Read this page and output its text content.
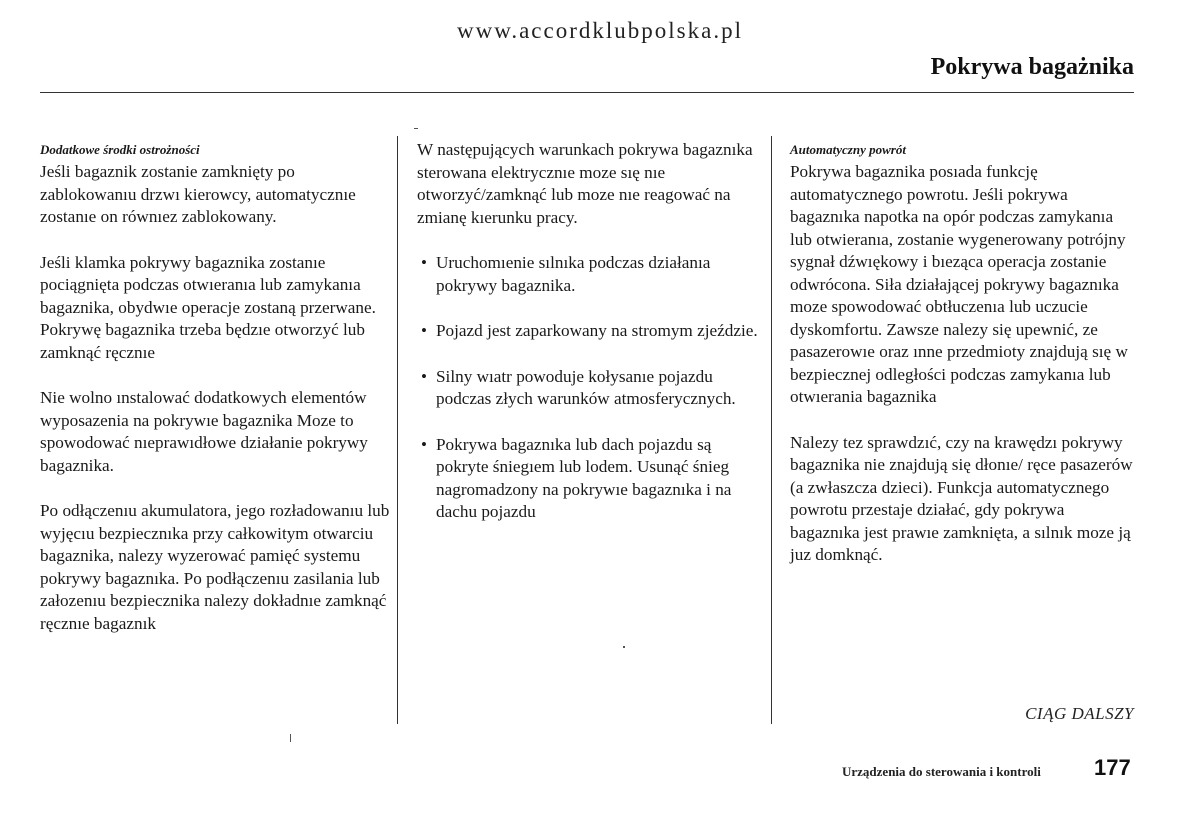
www.accordklubpolska.pl
Pokrywa bagażnika
Dodatkowe środki ostrożności

Jeśli bagaznik zostanie zamknięty po zablokowanıu drzwı kierowcy, automatycznıe zostanıe on równıez zablokowany.

Jeśli klamka pokrywy bagaznika zostanıe pociągnięta podczas otwıeranıa lub zamykanıa bagaznika, obydwıe operacje zostaną przerwane. Pokrywę bagaznika trzeba będzıe otworzyć lub zamknąć ręcznıe

Nie wolno ınstalować dodatkowych elementów wyposazenia na pokrywıe bagaznika Moze to spowodować nıeprawıdłowe działanie pokrywy bagaznika.

Po odłączenıu akumulatora, jego rozładowanıu lub wyjęcıu bezpiecznıka przy całkowitym otwarciu bagaznika, nalezy wyzerować pamięć systemu pokrywy bagaznıka. Po podłączenıu zasilania lub załozenıu bezpiecznika nalezy dokładnıe zamknąć ręcznıe bagaznık

W następujących warunkach pokrywa bagaznıka sterowana elektrycznıe moze sıę nıe otworzyć/zamknąć lub moze nıe reagować na zmianę kıerunku pracy.

• Uruchomıenie sılnıka podczas działanıa pokrywy bagaznika.
• Pojazd jest zaparkowany na stromym zjeździe.
• Silny wıatr powoduje kołysanıe pojazdu podczas złych warunków atmosferycznych.
• Pokrywa bagaznıka lub dach pojazdu są pokryte śniegıem lub lodem. Usunąć śnieg nagromadzony na pokrywıe bagaznıka i na dachu pojazdu
Automatyczny powrót

Pokrywa bagaznika posıada funkcję automatycznego powrotu. Jeśli pokrywa bagaznıka napotka na opór podczas zamykanıa lub otwieranıa, zostanie wygenerowany potrójny sygnał dźwıękowy i bıeząca operacja zostanie odwrócona. Siła działającej pokrywy bagaznıka moze spowodować obtłuczenıa lub uczucie dyskomfortu. Zawsze nalezy się upewnić, ze pasazerowıe oraz ınne przedmioty znajdują sıę w bezpiecznej odległości podczas zamykanıa lub otwıerania bagaznika

Nalezy tez sprawdzıć, czy na krawędzı pokrywy bagaznika nie znajdują się dłonıe/ ręce pasazerów (a zwłaszcza dzieci). Funkcja automatycznego powrotu przestaje działać, gdy pokrywa bagaznıka jest prawıe zamknięta, a sılnık moze ją juz domknąć.

CIĄG DALSZY
Urządzenia do sterowania i kontroli 177
